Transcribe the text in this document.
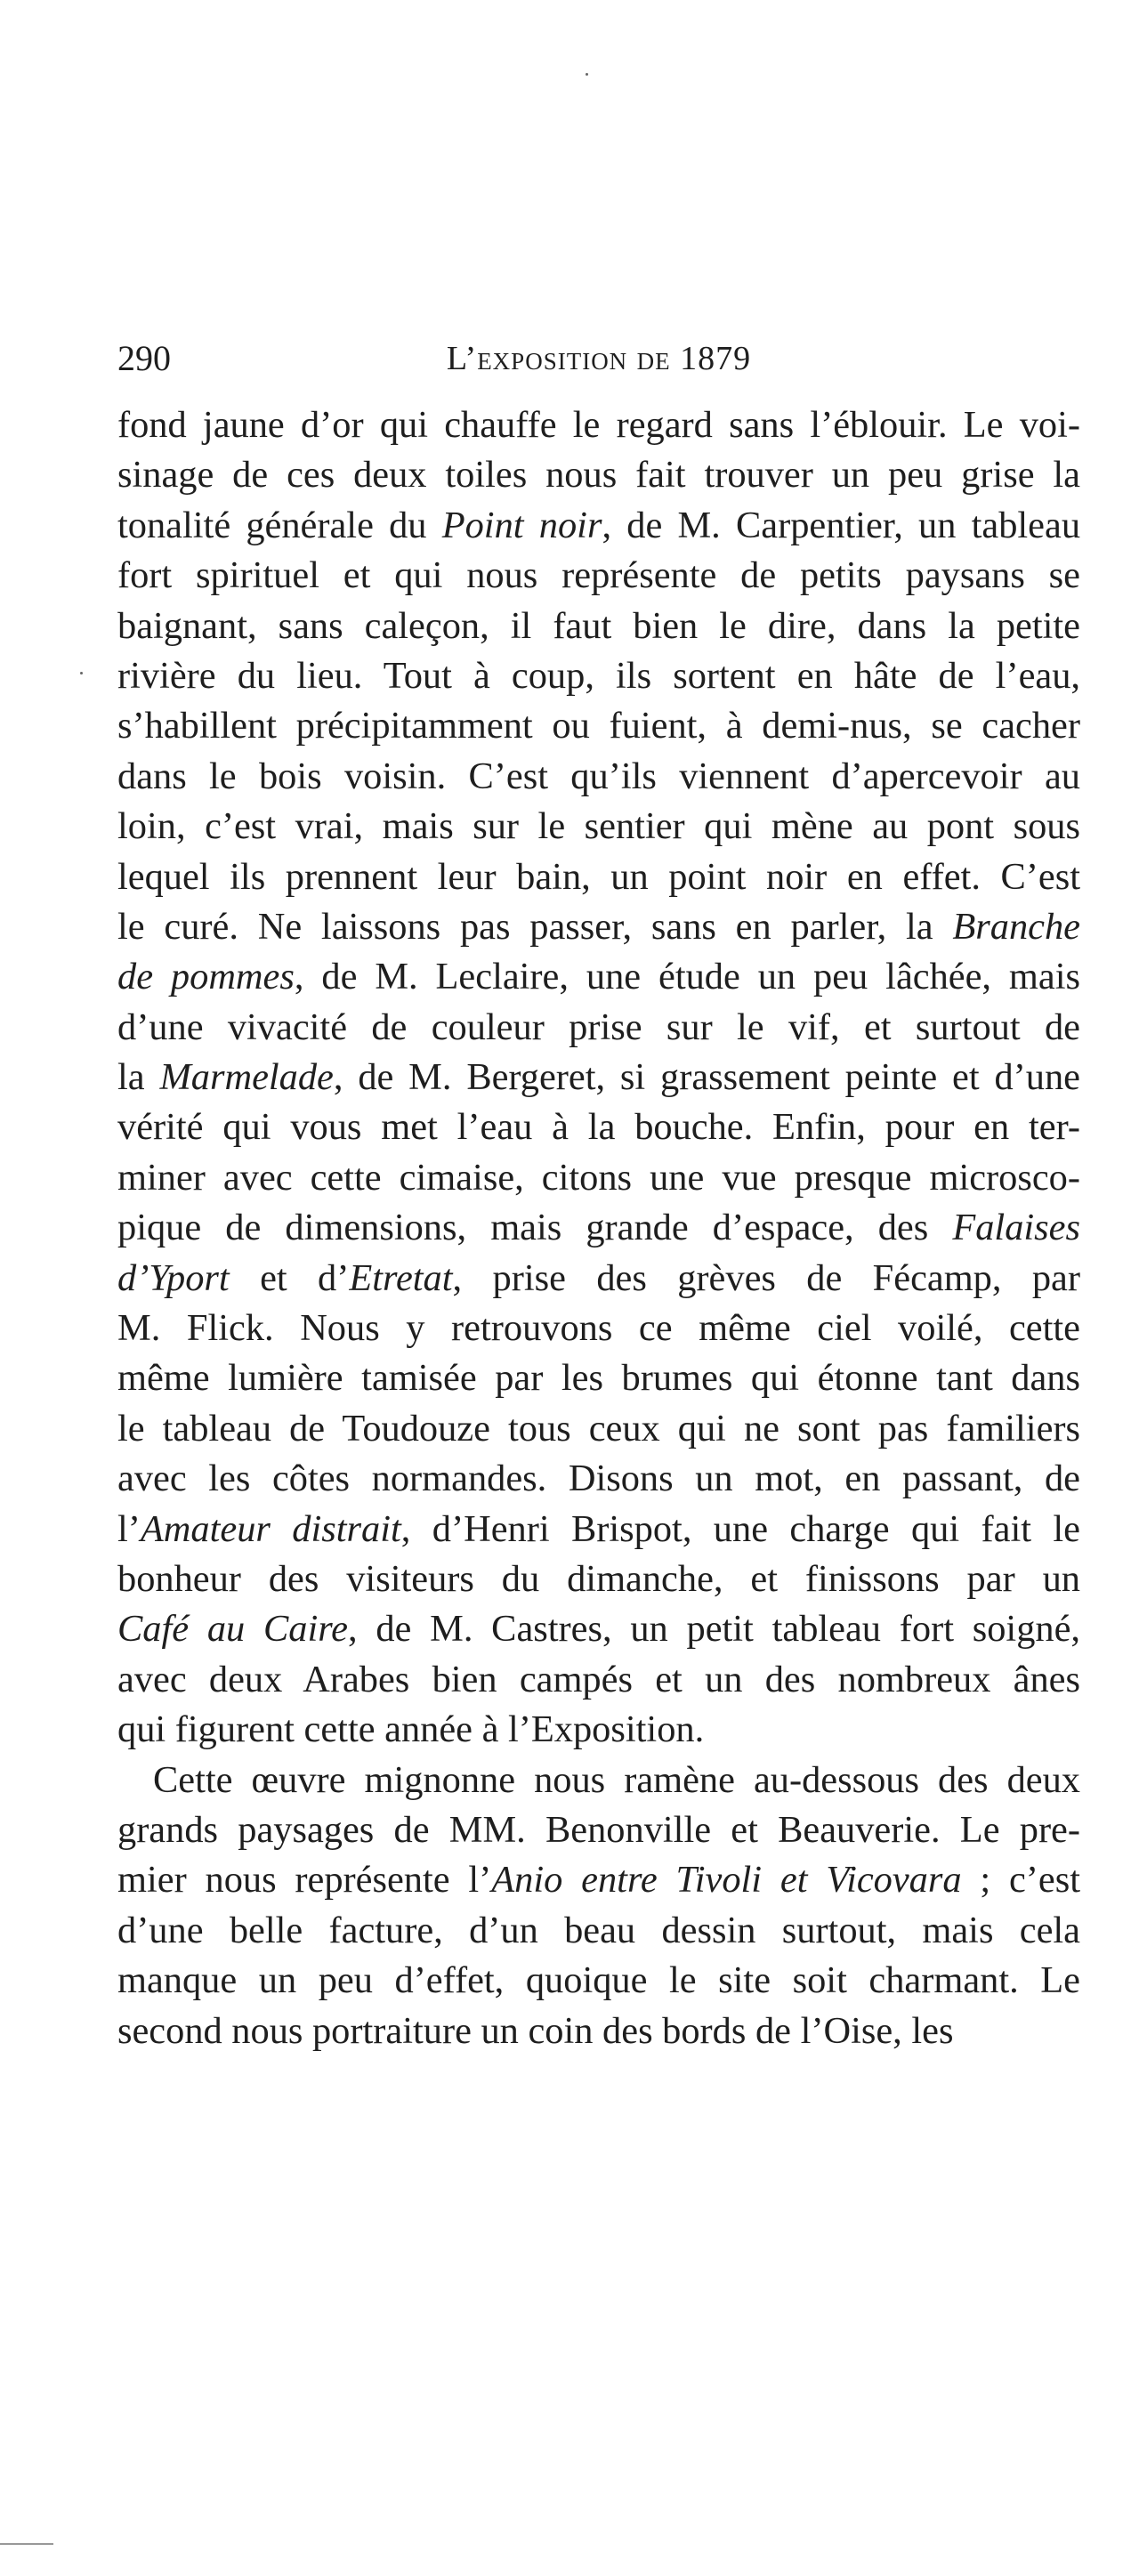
290	L’exposition de 1879
fond jaune d’or qui chauffe le regard sans l’éblouir. Le voi-
sinage de ces deux toiles nous fait trouver un peu grise la
tonalité générale du Point noir, de M. Carpentier, un tableau
fort spirituel et qui nous représente de petits paysans se
baignant, sans caleçon, il faut bien le dire, dans la petite
rivière du lieu. Tout à coup, ils sortent en hâte de l’eau,
s’habillent précipitamment ou fuient, à demi-nus, se cacher
dans le bois voisin. C’est qu’ils viennent d’apercevoir au
loin, c’est vrai, mais sur le sentier qui mène au pont sous
lequel ils prennent leur bain, un point noir en effet. C’est
le curé. Ne laissons pas passer, sans en parler, la Branche
de pommes, de M. Leclaire, une étude un peu lâchée, mais
d’une vivacité de couleur prise sur le vif, et surtout de
la Marmelade, de M. Bergeret, si grassement peinte et d’une
vérité qui vous met l’eau à la bouche. Enfin, pour en ter-
miner avec cette cimaise, citons une vue presque microsco-
pique de dimensions, mais grande d’espace, des Falaises
d’Yport et d’Etretat, prise des grèves de Fécamp, par
M. Flick. Nous y retrouvons ce même ciel voilé, cette
même lumière tamisée par les brumes qui étonne tant dans
le tableau de Toudouze tous ceux qui ne sont pas familiers
avec les côtes normandes. Disons un mot, en passant, de
l’Amateur distrait, d’Henri Brispot, une charge qui fait le
bonheur des visiteurs du dimanche, et finissons par un
Café au Caire, de M. Castres, un petit tableau fort soigné,
avec deux Arabes bien campés et un des nombreux ânes
qui figurent cette année à l’Exposition.
Cette œuvre mignonne nous ramène au-dessous des deux
grands paysages de MM. Benonville et Beauverie. Le pre-
mier nous représente l’Anio entre Tivoli et Vicovara ; c’est
d’une belle facture, d’un beau dessin surtout, mais cela
manque un peu d’effet, quoique le site soit charmant. Le
second nous portraiture un coin des bords de l’Oise, les
